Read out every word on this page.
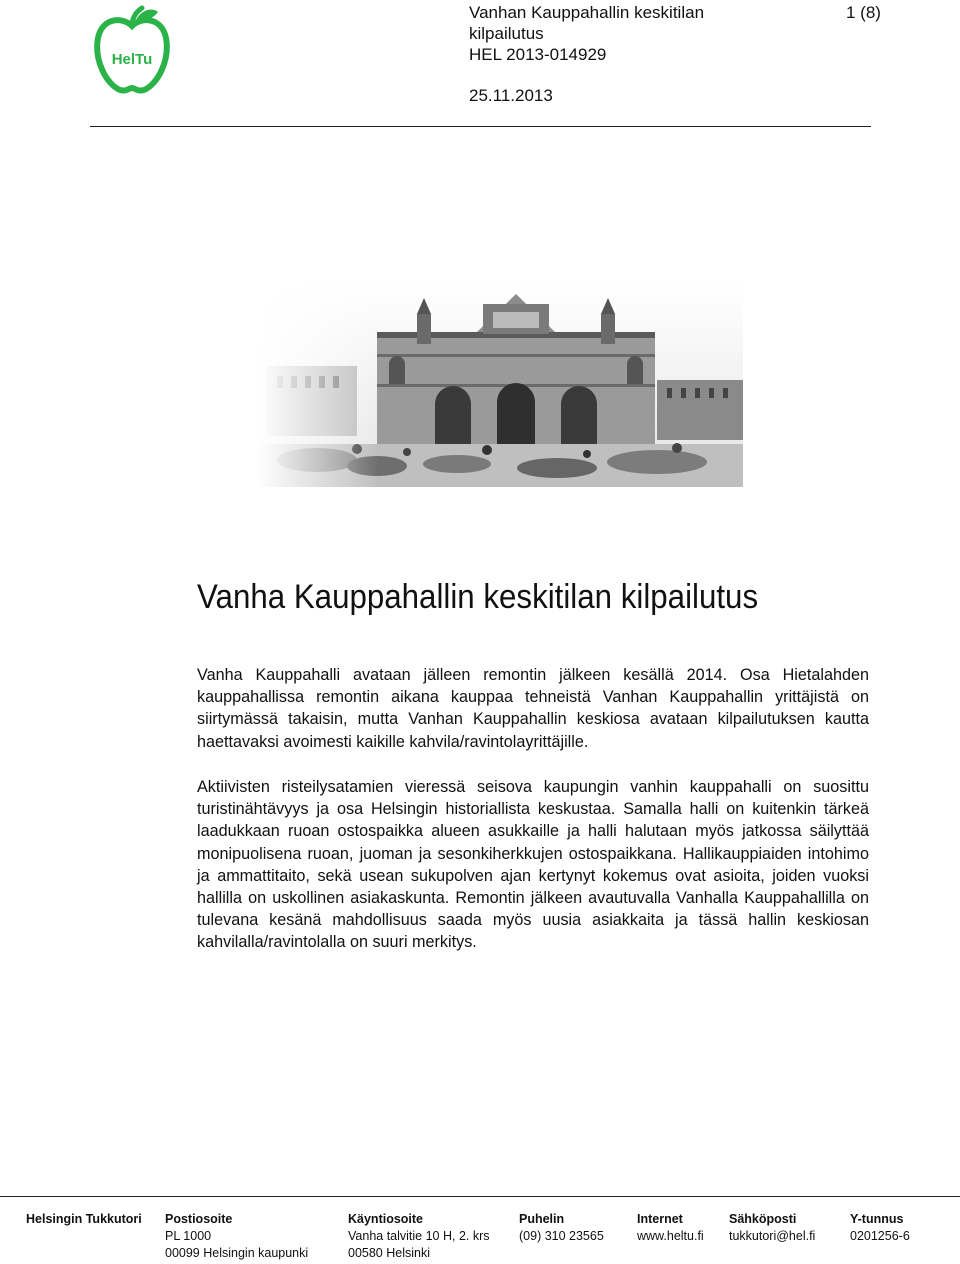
HelTu
Vanhan Kauppahallin keskitilan
kilpailutus
HEL 2013-014929
25.11.2013
1 (8)
Vanha Kauppahallin keskitilan kilpailutus

Vanha Kauppahalli avataan jälleen remontin jälkeen kesällä 2014. Osa Hietalahden kauppahallissa remontin aikana kauppaa tehneistä Vanhan Kauppahallin yrittäjistä on siirtymässä takaisin, mutta Vanhan Kauppahallin keskiosa avataan kilpailutuksen kautta haettavaksi avoimesti kaikille kahvila/ravintolayrittäjille.

Aktiivisten risteilysatamien vieressä seisova kaupungin vanhin kauppahalli on suosittu turistinähtävyys ja osa Helsingin historiallista keskustaa. Samalla halli on kuitenkin tärkeä laadukkaan ruoan ostospaikka alueen asukkaille ja halli halutaan myös jatkossa säilyttää monipuolisena ruoan, juoman ja sesonkiherkkujen ostospaikkana. Hallikauppiaiden intohimo ja ammattitaito, sekä usean sukupolven ajan kertynyt kokemus ovat asioita, joiden vuoksi hallilla on uskollinen asiakaskunta. Remontin jälkeen avautuvalla Vanhalla Kauppahallilla on tulevana kesänä mahdollisuus saada myös uusia asiakkaita ja tässä hallin keskiosan kahvilalla/ravintolalla on suuri merkitys.

Helsingin Tukkutori Postiosoite
PL 1000
00099 Helsingin kaupunki
Käyntiosoite
Vanha talvitie 10 H, 2. krs
00580 Helsinki
Puhelin
(09) 310 23565
Internet
www.heltu.fi
Sähköposti
tukkutori@hel.fi
Y-tunnus
0201256-6
